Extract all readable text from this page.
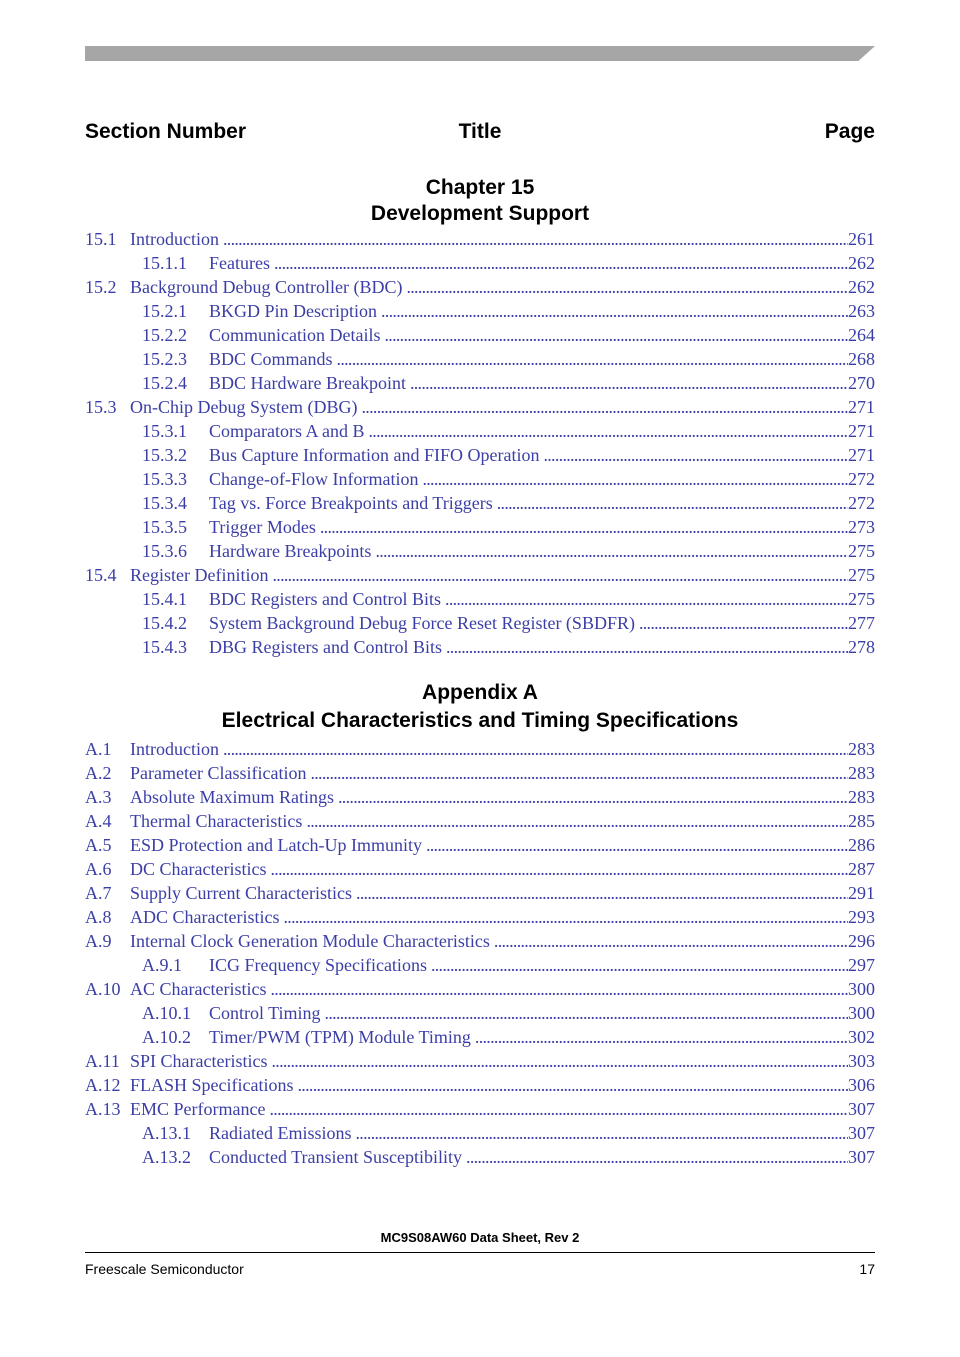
Section Number	Title	Page
Chapter 15
Development Support
15.1 Introduction . . .	261
15.1.1 Features . . .	262
15.2 Background Debug Controller (BDC) . . .	262
15.2.1 BKGD Pin Description . . .	263
15.2.2 Communication Details . . .	264
15.2.3 BDC Commands . . .	268
15.2.4 BDC Hardware Breakpoint . . .	270
15.3 On-Chip Debug System (DBG) . . .	271
15.3.1 Comparators A and B . . .	271
15.3.2 Bus Capture Information and FIFO Operation . . .	271
15.3.3 Change-of-Flow Information . . .	272
15.3.4 Tag vs. Force Breakpoints and Triggers . . .	272
15.3.5 Trigger Modes . . .	273
15.3.6 Hardware Breakpoints . . .	275
15.4 Register Definition . . .	275
15.4.1 BDC Registers and Control Bits . . .	275
15.4.2 System Background Debug Force Reset Register (SBDFR) . . .	277
15.4.3 DBG Registers and Control Bits . . .	278
Appendix A
Electrical Characteristics and Timing Specifications
A.1 Introduction . . .	283
A.2 Parameter Classification . . .	283
A.3 Absolute Maximum Ratings . . .	283
A.4 Thermal Characteristics . . .	285
A.5 ESD Protection and Latch-Up Immunity . . .	286
A.6 DC Characteristics . . .	287
A.7 Supply Current Characteristics . . .	291
A.8 ADC Characteristics . . .	293
A.9 Internal Clock Generation Module Characteristics . . .	296
A.9.1 ICG Frequency Specifications . . .	297
A.10 AC Characteristics . . .	300
A.10.1 Control Timing . . .	300
A.10.2 Timer/PWM (TPM) Module Timing . . .	302
A.11 SPI Characteristics . . .	303
A.12 FLASH Specifications . . .	306
A.13 EMC Performance . . .	307
A.13.1 Radiated Emissions . . .	307
A.13.2 Conducted Transient Susceptibility . . .	307
MC9S08AW60 Data Sheet, Rev 2
Freescale Semiconductor	17
